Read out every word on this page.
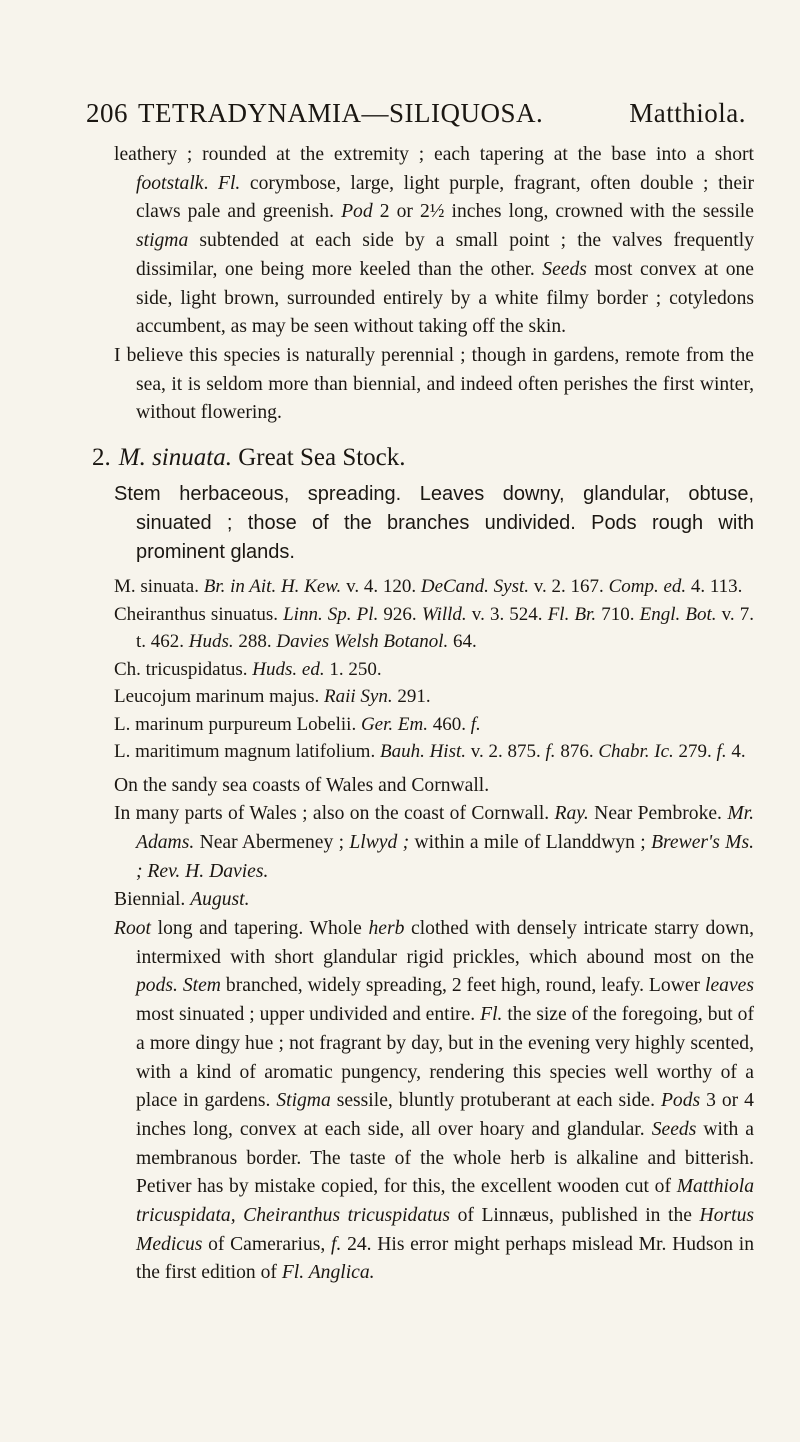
206 TETRADYNAMIA—SILIQUOSA.	Matthiola.

leathery ; rounded at the extremity ; each tapering at the base into a short footstalk. Fl. corymbose, large, light purple, fragrant, often double ; their claws pale and greenish. Pod 2 or 2½ inches long, crowned with the sessile stigma subtended at each side by a small point ; the valves frequently dissimilar, one being more keeled than the other. Seeds most convex at one side, light brown, surrounded entirely by a white filmy border ; cotyledons accumbent, as may be seen without taking off the skin.

I believe this species is naturally perennial ; though in gardens, remote from the sea, it is seldom more than biennial, and indeed often perishes the first winter, without flowering.

2. M. sinuata. Great Sea Stock.

Stem herbaceous, spreading. Leaves downy, glandular, obtuse, sinuated ; those of the branches undivided. Pods rough with prominent glands.

M. sinuata. Br. in Ait. H. Kew. v. 4. 120. DeCand. Syst. v. 2. 167. Comp. ed. 4. 113.

Cheiranthus sinuatus. Linn. Sp. Pl. 926. Willd. v. 3. 524. Fl. Br. 710. Engl. Bot. v. 7. t. 462. Huds. 288. Davies Welsh Botanol. 64.

Ch. tricuspidatus. Huds. ed. 1. 250.

Leucojum marinum majus. Raii Syn. 291.

L. marinum purpureum Lobelii. Ger. Em. 460. f.

L. maritimum magnum latifolium. Bauh. Hist. v. 2. 875. f. 876. Chabr. Ic. 279. f. 4.

On the sandy sea coasts of Wales and Cornwall.

In many parts of Wales ; also on the coast of Cornwall. Ray. Near Pembroke. Mr. Adams. Near Abermeney ; Llwyd ; within a mile of Llanddwyn ; Brewer's Ms. ; Rev. H. Davies.

Biennial. August.

Root long and tapering. Whole herb clothed with densely intricate starry down, intermixed with short glandular rigid prickles, which abound most on the pods. Stem branched, widely spreading, 2 feet high, round, leafy. Lower leaves most sinuated ; upper undivided and entire. Fl. the size of the foregoing, but of a more dingy hue ; not fragrant by day, but in the evening very highly scented, with a kind of aromatic pungency, rendering this species well worthy of a place in gardens. Stigma sessile, bluntly protuberant at each side. Pods 3 or 4 inches long, convex at each side, all over hoary and glandular. Seeds with a membranous border. The taste of the whole herb is alkaline and bitterish. Petiver has by mistake copied, for this, the excellent wooden cut of Matthiola tricuspidata, Cheiranthus tricuspidatus of Linnæus, published in the Hortus Medicus of Camerarius, f. 24. His error might perhaps mislead Mr. Hudson in the first edition of Fl. Anglica.
